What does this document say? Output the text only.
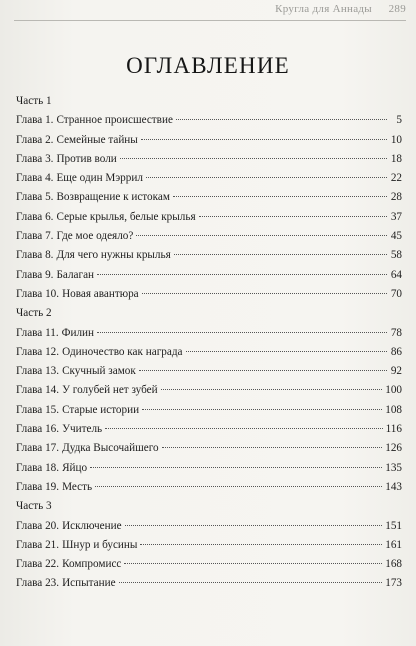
Кругла для Аннады 289
ОГЛАВЛЕНИЕ
Часть 1
Глава 1. Странное происшествие	5
Глава 2. Семейные тайны	10
Глава 3. Против воли	18
Глава 4. Еще один Мэррил	22
Глава 5. Возвращение к истокам	28
Глава 6. Серые крылья, белые крылья	37
Глава 7. Где мое одеяло?	45
Глава 8. Для чего нужны крылья	58
Глава 9. Балаган	64
Глава 10. Новая авантюра	70
Часть 2
Глава 11. Филин	78
Глава 12. Одиночество как награда	86
Глава 13. Скучный замок	92
Глава 14. У голубей нет зубей	100
Глава 15. Старые истории	108
Глава 16. Учитель	116
Глава 17. Дудка Высочайшего	126
Глава 18. Яйцо	135
Глава 19. Месть	143
Часть 3
Глава 20. Исключение	151
Глава 21. Шнур и бусины	161
Глава 22. Компромисс	168
Глава 23. Испытание	173
